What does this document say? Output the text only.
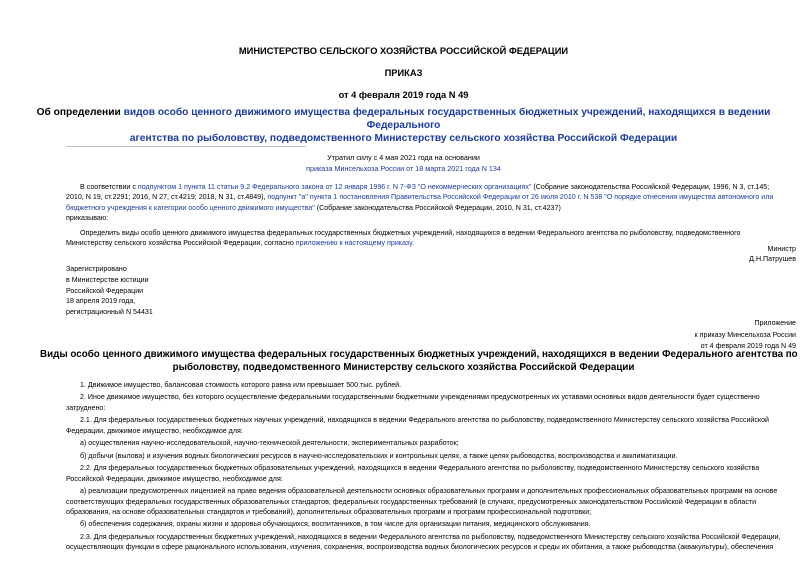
МИНИСТЕРСТВО СЕЛЬСКОГО ХОЗЯЙСТВА РОССИЙСКОЙ ФЕДЕРАЦИИ
ПРИКАЗ
от 4 февраля 2019 года N 49
Об определении видов особо ценного движимого имущества федеральных государственных бюджетных учреждений, находящихся в ведении Федерального
агентства по рыболовству, подведомственного Министерству сельского хозяйства Российской Федерации
Утратил силу с 4 мая 2021 года на основании
приказа Минсельхоза России от 18 марта 2021 года N 134
В соответствии с подпунктом 1 пункта 11 статьи 9.2 Федерального закона от 12 января 1996 г. N 7-ФЗ "О некоммерческих организациях" (Собрание законодательства Российской Федерации, 1996, N 3, ст.145;
2010, N 19, ст.2291; 2016, N 27, ст.4219; 2018, N 31, ст.4849), подпункт "а" пункта 1 постановления Правительства Российской Федерации от 26 июля 2010 г. N 538 "О порядке отнесения имущества автономного или
бюджетного учреждения к категории особо ценного движимого имущества" (Собрание законодательства Российской Федерации, 2010, N 31, ст.4237)
приказываю:
Определить виды особо ценного движимого имущества федеральных государственных бюджетных учреждений, находящихся в ведении Федерального агентства по рыболовству, подведомственного
Министерству сельского хозяйства Российской Федерации, согласно приложению к настоящему приказу.
Министр
Д.Н.Патрушев
Зарегистрировано
в Министерстве юстиции
Российской Федерации
18 апреля 2019 года,
регистрационный N 54431
Приложение
к приказу Минсельхоза России
от 4 февраля 2019 года N 49
Виды особо ценного движимого имущества федеральных государственных бюджетных учреждений, находящихся в ведении Федерального агентства по
рыболовству, подведомственного Министерству сельского хозяйства Российской Федерации
1. Движимое имущество, балансовая стоимость которого равна или превышает 500 тыс. рублей.
2. Иное движимое имущество, без которого осуществление федеральными государственными бюджетными учреждениями предусмотренных их уставами основных видов деятельности будет существенно
затруднено:
2.1. Для федеральных государственных бюджетных научных учреждений, находящихся в ведении Федерального агентства по рыболовству, подведомственного Министерству сельского хозяйства Российской
Федерации, движимое имущество, необходимое для:
а) осуществления научно-исследовательской, научно-технической деятельности, экспериментальных разработок;
б) добычи (вылова) и изучения водных биологических ресурсов в научно-исследовательских и контрольных целях, а также целях рыбоводства, воспроизводства и акклиматизации.
2.2. Для федеральных государственных бюджетных образовательных учреждений, находящихся в ведении Федерального агентства по рыболовству, подведомственного Министерству сельского хозяйства
Российской Федерации, движимое имущество, необходимое для:
а) реализации предусмотренных лицензией на право ведения образовательной деятельности основных образовательных программ и дополнительных профессиональных образовательных программ на основе
соответствующих федеральных государственных образовательных стандартов, федеральных государственных требований (в случаях, предусмотренных законодательством Российской Федерации в области
образования, на основе образовательных стандартов и требований), дополнительных образовательных программ и программ профессиональной подготовки;
б) обеспечения содержания, охраны жизни и здоровья обучающихся, воспитанников, в том числе для организации питания, медицинского обслуживания.
2.3. Для федеральных государственных бюджетных учреждений, находящихся в ведении Федерального агентства по рыболовству, подведомственного Министерству сельского хозяйства Российской Федерации,
осуществляющих функции в сфере рационального использования, изучения, сохранения, воспроизводства водных биологических ресурсов и среды их обитания, а также рыбоводства (аквакультуры), обеспечения
